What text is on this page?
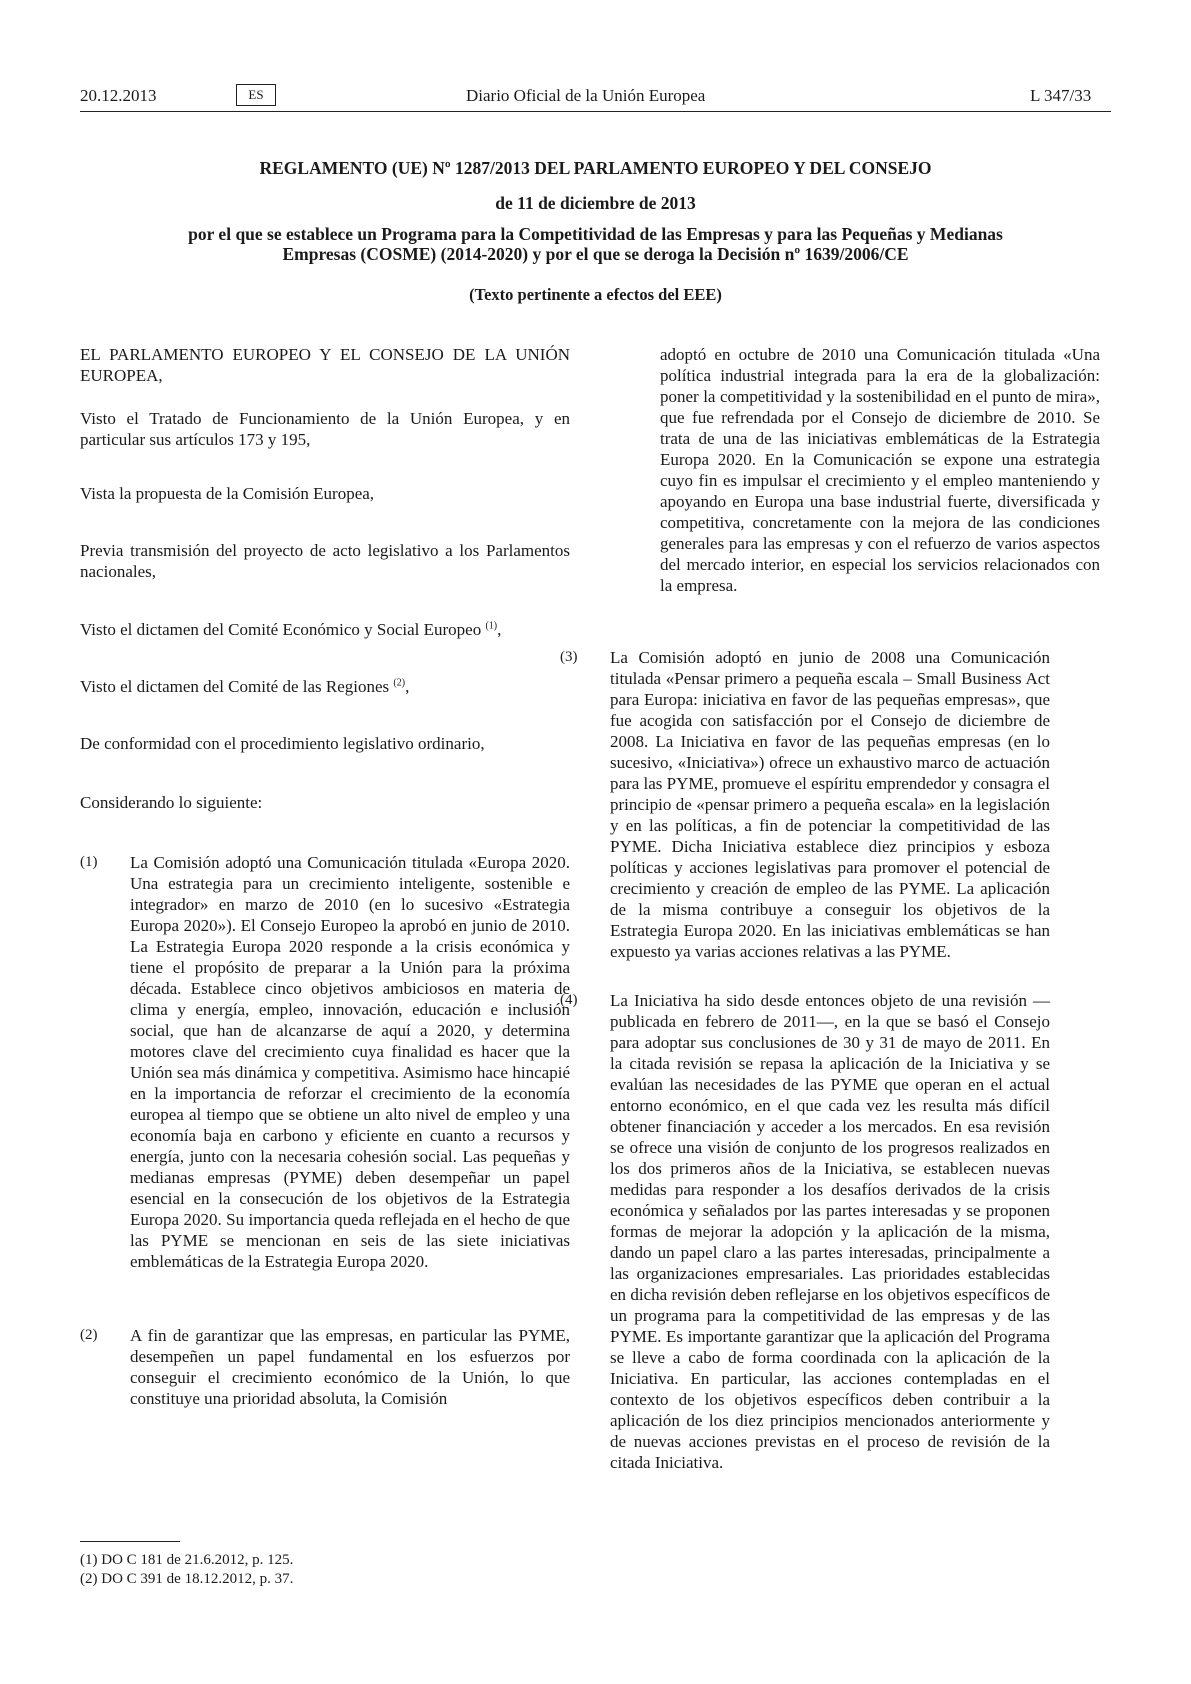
20.12.2013	ES	Diario Oficial de la Unión Europea	L 347/33
REGLAMENTO (UE) Nº 1287/2013 DEL PARLAMENTO EUROPEO Y DEL CONSEJO
de 11 de diciembre de 2013
por el que se establece un Programa para la Competitividad de las Empresas y para las Pequeñas y Medianas Empresas (COSME) (2014-2020) y por el que se deroga la Decisión nº 1639/2006/CE
(Texto pertinente a efectos del EEE)

EL PARLAMENTO EUROPEO Y EL CONSEJO DE LA UNIÓN EUROPEA,

Visto el Tratado de Funcionamiento de la Unión Europea, y en particular sus artículos 173 y 195,

Vista la propuesta de la Comisión Europea,

Previa transmisión del proyecto de acto legislativo a los Parlamentos nacionales,

Visto el dictamen del Comité Económico y Social Europeo $^{(1)}$,

Visto el dictamen del Comité de las Regiones $^{(2)}$,

De conformidad con el procedimiento legislativo ordinario,

Considerando lo siguiente:

(1) La Comisión adoptó una Comunicación titulada «Europa 2020. Una estrategia para un crecimiento inteligente, sostenible e integrador» en marzo de 2010 (en lo sucesivo «Estrategia Europa 2020»). El Consejo Europeo la aprobó en junio de 2010. La Estrategia Europa 2020 responde a la crisis económica y tiene el propósito de preparar a la Unión para la próxima década. Establece cinco objetivos ambiciosos en materia de clima y energía, empleo, innovación, educación e inclusión social, que han de alcanzarse de aquí a 2020, y determina motores clave del crecimiento cuya finalidad es hacer que la Unión sea más dinámica y competitiva. Asimismo hace hincapié en la importancia de reforzar el crecimiento de la economía europea al tiempo que se obtiene un alto nivel de empleo y una economía baja en carbono y eficiente en cuanto a recursos y energía, junto con la necesaria cohesión social. Las pequeñas y medianas empresas (PYME) deben desempeñar un papel esencial en la consecución de los objetivos de la Estrategia Europa 2020. Su importancia queda reflejada en el hecho de que las PYME se mencionan en seis de las siete iniciativas emblemáticas de la Estrategia Europa 2020.

(2) A fin de garantizar que las empresas, en particular las PYME, desempeñen un papel fundamental en los esfuerzos por conseguir el crecimiento económico de la Unión, lo que constituye una prioridad absoluta, la Comisión

(1) DO C 181 de 21.6.2012, p. 125.
(2) DO C 391 de 18.12.2012, p. 37.

adoptó en octubre de 2010 una Comunicación titulada «Una política industrial integrada para la era de la globalización: poner la competitividad y la sostenibilidad en el punto de mira», que fue refrendada por el Consejo de diciembre de 2010. Se trata de una de las iniciativas emblemáticas de la Estrategia Europa 2020. En la Comunicación se expone una estrategia cuyo fin es impulsar el crecimiento y el empleo manteniendo y apoyando en Europa una base industrial fuerte, diversificada y competitiva, concretamente con la mejora de las condiciones generales para las empresas y con el refuerzo de varios aspectos del mercado interior, en especial los servicios relacionados con la empresa.

(3) La Comisión adoptó en junio de 2008 una Comunicación titulada «Pensar primero a pequeña escala – Small Business Act para Europa: iniciativa en favor de las pequeñas empresas», que fue acogida con satisfacción por el Consejo de diciembre de 2008. La Iniciativa en favor de las pequeñas empresas (en lo sucesivo, «Iniciativa») ofrece un exhaustivo marco de actuación para las PYME, promueve el espíritu emprendedor y consagra el principio de «pensar primero a pequeña escala» en la legislación y en las políticas, a fin de potenciar la competitividad de las PYME. Dicha Iniciativa establece diez principios y esboza políticas y acciones legislativas para promover el potencial de crecimiento y creación de empleo de las PYME. La aplicación de la misma contribuye a conseguir los objetivos de la Estrategia Europa 2020. En las iniciativas emblemáticas se han expuesto ya varias acciones relativas a las PYME.

(4) La Iniciativa ha sido desde entonces objeto de una revisión —publicada en febrero de 2011—, en la que se basó el Consejo para adoptar sus conclusiones de 30 y 31 de mayo de 2011. En la citada revisión se repasa la aplicación de la Iniciativa y se evalúan las necesidades de las PYME que operan en el actual entorno económico, en el que cada vez les resulta más difícil obtener financiación y acceder a los mercados. En esa revisión se ofrece una visión de conjunto de los progresos realizados en los dos primeros años de la Iniciativa, se establecen nuevas medidas para responder a los desafíos derivados de la crisis económica y señalados por las partes interesadas y se proponen formas de mejorar la adopción y la aplicación de la misma, dando un papel claro a las partes interesadas, principalmente a las organizaciones empresariales. Las prioridades establecidas en dicha revisión deben reflejarse en los objetivos específicos de un programa para la competitividad de las empresas y de las PYME. Es importante garantizar que la aplicación del Programa se lleve a cabo de forma coordinada con la aplicación de la Iniciativa. En particular, las acciones contempladas en el contexto de los objetivos específicos deben contribuir a la aplicación de los diez principios mencionados anteriormente y de nuevas acciones previstas en el proceso de revisión de la citada Iniciativa.
